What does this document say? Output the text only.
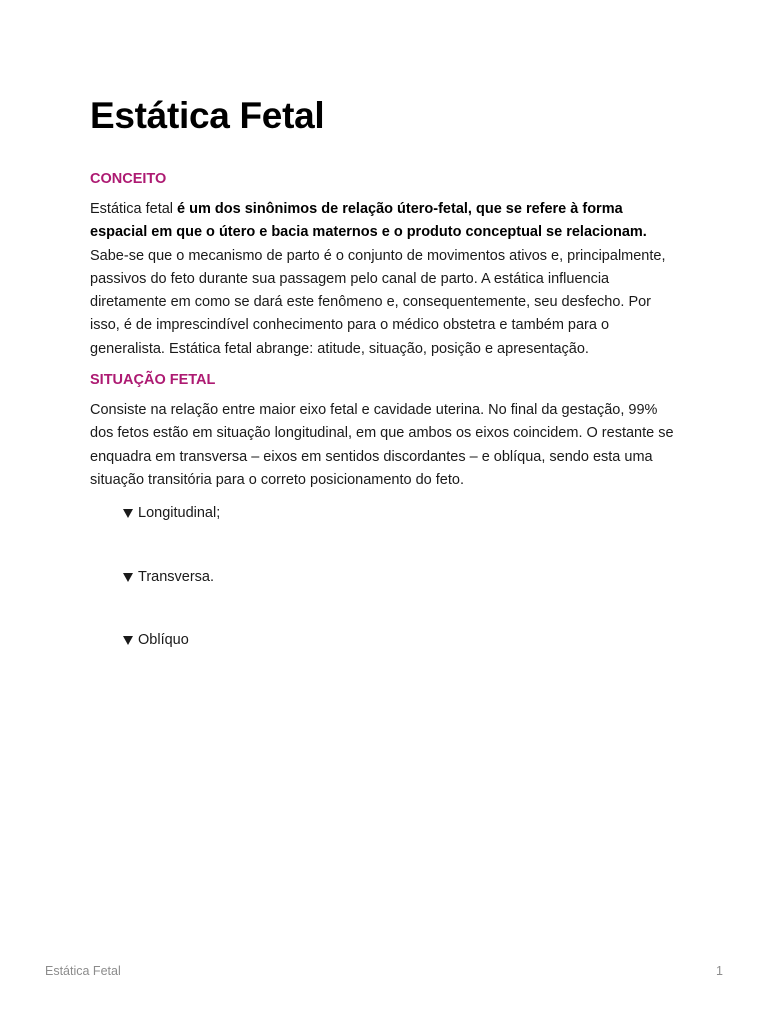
Estática Fetal
CONCEITO

Estática fetal é um dos sinônimos de relação útero-fetal, que se refere à forma espacial em que o útero e bacia maternos e o produto conceptual se relacionam. Sabe-se que o mecanismo de parto é o conjunto de movimentos ativos e, principalmente, passivos do feto durante sua passagem pelo canal de parto. A estática influencia diretamente em como se dará este fenômeno e, consequentemente, seu desfecho. Por isso, é de imprescindível conhecimento para o médico obstetra e também para o generalista. Estática fetal abrange: atitude, situação, posição e apresentação.

SITUAÇÃO FETAL

Consiste na relação entre maior eixo fetal e cavidade uterina. No final da gestação, 99% dos fetos estão em situação longitudinal, em que ambos os eixos coincidem. O restante se enquadra em transversa – eixos em sentidos discordantes – e oblíqua, sendo esta uma situação transitória para o correto posicionamento do feto.

Longitudinal;
Transversa.
Oblíquo
Estática Fetal	1
